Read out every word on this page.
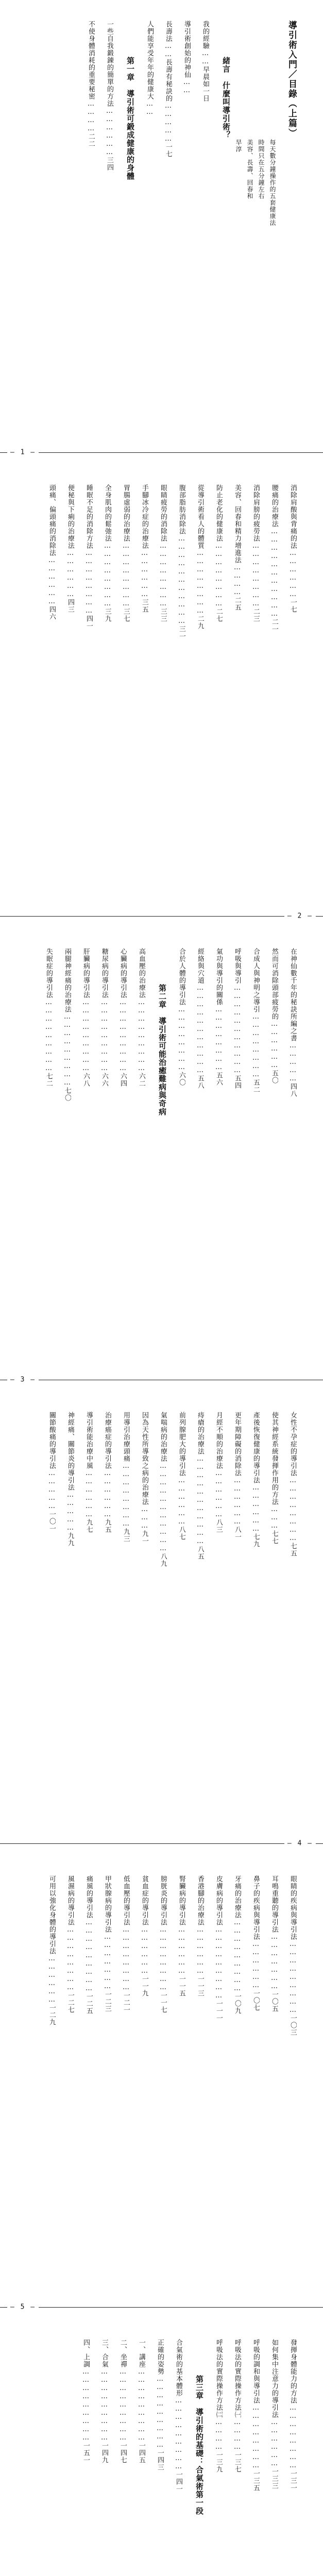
導引術入門／目錄（上篇）
每天數分鐘操作的五套健康法
時間只在五分鐘左右
美容、長壽、回春和
早淳
緒言　什麼叫導引術？
我的經驗……早晨如一日
導引術創始的神仙……
長壽法……長壽有秘訣的……………一七
人們能享受年年的健康大……
第一章　導引術可鍛成健康的身體
一些自我鍛錬的簡單的方法………………三四
不使身體消耗的重要秘密…………二二
— 1 —
消除肩酸與背痛的法………………一七
腰痛的治療法……………………………二一
消除肩膀的疲勞法……………………二三
美容、回春和精力增進法…………二五
防止老化的健康法……………………二七
從導引術看人的體質……………………二九
腹部脂肪消除法……………………………三一
眼睛疲勞的消除法……………………三三
手腳冰冷症的治療法………………三五
胃腸虛弱的治療法……………………三七
全身肌肉的鬆弛法……………………三九
睡眠不足的消除方法……………………四一
便秘與下痢的治療法………………四三
頭痛、偏頭痛的消除法………………四六
— 2 —
在神仙數千年的秘訣所編之書……………四八
然而可消除頭部疲勞的………………五〇
合成人與神明之導引……………………五二
呼吸與導引……………………………五四
氣功與導引的關係……………………五六
經絡與穴道……………………………五八
合於人體的導引法……………………六〇
第二章　導引術可能治癒難病與奇病
高血壓的治療法………………………六二
心臟病的導引法………………………六四
糖尿病的導引法………………………六六
肝臟病的導引法………………………六八
兩腿神經痛的治療法………………………七〇
失眠症的導引法………………………七二
— 3 —
女性不孕症的導引法……………………七五
使其神經系統發揮作用的方法………七七
產後恢復健康的導引法………………七九
更年期障礙的消除法………………八一
月經不順的治療法………………八三
痔瘡的治療法……………………………八五
前列腺肥大的導引法………………八七
氣喘病的治療法……………………………八九
因為天性所導致之病的治療法………九一
用導引治療頭痛……………………九三
治療癌症的導引法………………九五
導引術能治療中風………………九七
神經痛、關節炎的導引法……………九九
關節酸痛的導引法……………一〇一
— 4 —
眼睛的疾病與導引法………………………一〇三
耳鳴重聽的導引法…………………一〇五
鼻子的疾病與導引法………………一〇七
牙痛的治療法………………………一〇九
皮膚病的導引法………………………一一一
香港腳的治療法………………一一三
腎臟病的導引法………………一一五
膀胱炎的導引法……………………一一七
貧血症的導引法………………一一九
低血壓的導引法……………………一二一
甲狀腺病的導引法…………………一二三
痛風的導引法………………………一二五
風濕病的導引法……………………一二七
可用以強化身體的導引法………………一二九
— 5 —
發揮身體能力的方法……………………一三一
如何集中注意力的導引法………………一三三
呼吸的調和與導引法……………………一三五
呼吸法的實際操作方法㈠…………一三七
呼吸法的實際操作方法㈡…………一三九
第三章　導引術的基礎：合氣術第一段
合氣術的基本體形………………………一四一
正確的姿勢………………………一四三
一、講座………………………一四五
二、坐禪………………………一四七
三、合氣………………………一四九
四、上調………………………一五一
